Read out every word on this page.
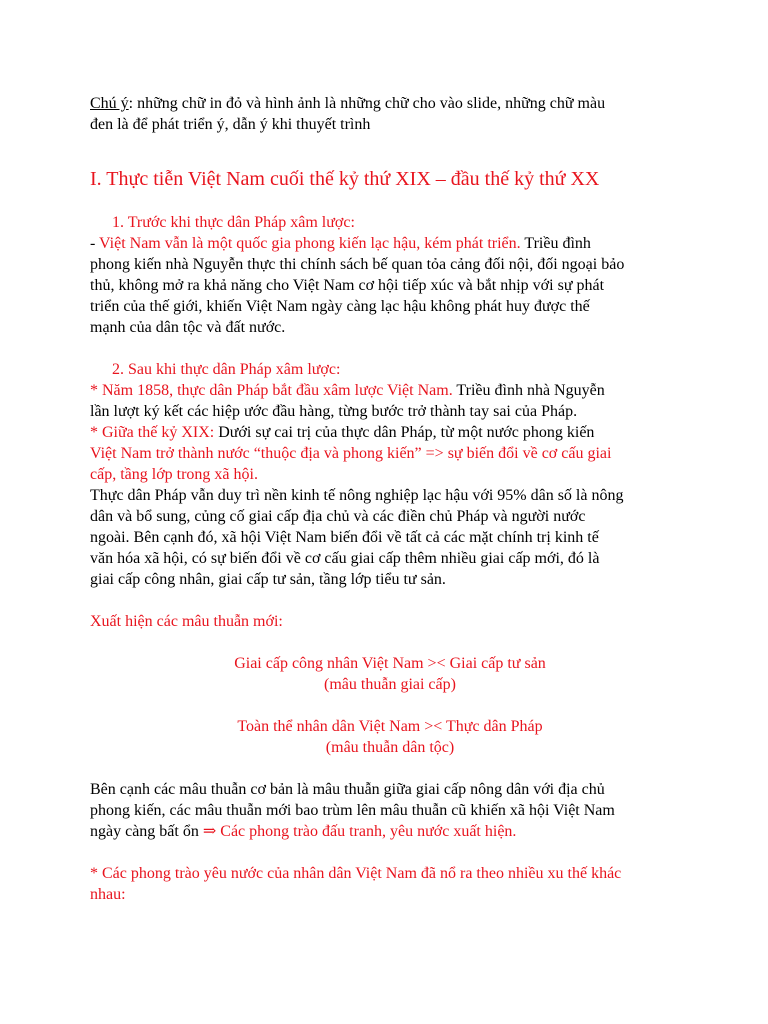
Chú ý: những chữ in đỏ và hình ảnh là những chữ cho vào slide, những chữ màu

đen là để phát triển ý, dẫn ý khi thuyết trình

I. Thực tiễn Việt Nam cuối thế kỷ thứ XIX – đầu thế kỷ thứ XX

1. Trước khi thực dân Pháp xâm lược:

- Việt Nam vẫn là một quốc gia phong kiến lạc hậu, kém phát triển. Triều đình

phong kiến nhà Nguyễn thực thi chính sách bế quan tỏa cảng đối nội, đối ngoại bảo

thủ, không mở ra khả năng cho Việt Nam cơ hội tiếp xúc và bắt nhịp với sự phát

triển của thế giới, khiến Việt Nam ngày càng lạc hậu không phát huy được thế

mạnh của dân tộc và đất nước.

2. Sau khi thực dân Pháp xâm lược:

* Năm 1858, thực dân Pháp bắt đầu xâm lược Việt Nam. Triều đình nhà Nguyễn

lần lượt ký kết các hiệp ước đầu hàng, từng bước trở thành tay sai của Pháp.

* Giữa thế kỷ XIX: Dưới sự cai trị của thực dân Pháp, từ một nước phong kiến

Việt Nam trở thành nước “thuộc địa và phong kiến” => sự biến đổi về cơ cấu giai

cấp, tầng lớp trong xã hội.

Thực dân Pháp vẫn duy trì nền kinh tế nông nghiệp lạc hậu với 95% dân số là nông

dân và bổ sung, củng cố giai cấp địa chủ và các điền chủ Pháp và người nước

ngoài. Bên cạnh đó, xã hội Việt Nam biến đổi về tất cả các mặt chính trị kinh tế

văn hóa xã hội, có sự biến đổi về cơ cấu giai cấp thêm nhiều giai cấp mới, đó là

giai cấp công nhân, giai cấp tư sản, tầng lớp tiểu tư sản.

Xuất hiện các mâu thuẫn mới:

Giai cấp công nhân Việt Nam >< Giai cấp tư sản

(mâu thuẫn giai cấp)

Toàn thể nhân dân Việt Nam >< Thực dân Pháp

(mâu thuẫn dân tộc)

Bên cạnh các mâu thuẫn cơ bản là mâu thuẫn giữa giai cấp nông dân với địa chủ

phong kiến, các mâu thuẫn mới bao trùm lên mâu thuẫn cũ khiến xã hội Việt Nam

ngày càng bất ổn ⇒ Các phong trào đấu tranh, yêu nước xuất hiện.

* Các phong trào yêu nước của nhân dân Việt Nam đã nổ ra theo nhiều xu thế khác

nhau:
